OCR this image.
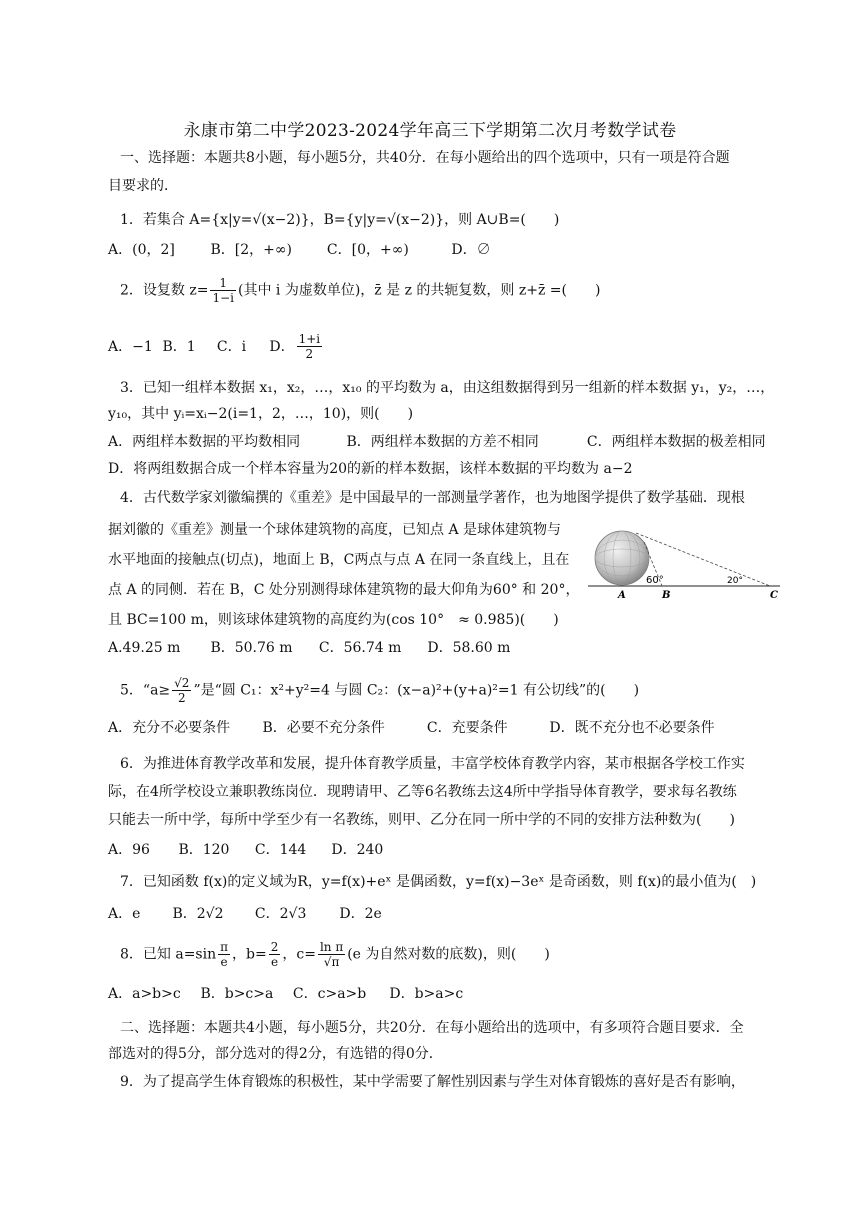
永康市第二中学2023-2024学年高三下学期第二次月考数学试卷
一、选择题：本题共8小题，每小题5分，共40分．在每小题给出的四个选项中，只有一项是符合题
目要求的．
1．若集合 A={x|y=√(x−2)}，B={y|y=√(x−2)}，则 A∪B=(　　)
A．(0，2]	B．[2，+∞) C．[0，+∞)	D．∅
2．设复数 $z= \frac{1}{1-i}$ (其中 i 为虚数单位)，z̄ 是 z 的共轭复数，则 z+z̄ =(　　)
A．−1 B．1 C．i D． $\frac{1+i}{2}$
3．已知一组样本数据 x₁，x₂，…，x₁₀ 的平均数为 a，由这组数据得到另一组新的样本数据 y₁，y₂，…，
y₁₀，其中 yᵢ=xᵢ−2(i=1，2，…，10)，则(　　)
A．两组样本数据的平均数相同	B．两组样本数据的方差不相同	C．两组样本数据的极差相同
D．将两组数据合成一个样本容量为20的新的样本数据，该样本数据的平均数为 a−2
4．古代数学家刘徽编撰的《重差》是中国最早的一部测量学著作，也为地图学提供了数学基础．现根
据刘徽的《重差》测量一个球体建筑物的高度，已知点 A 是球体建筑物与
水平地面的接触点(切点)，地面上 B，C两点与点 A 在同一条直线上，且在
点 A 的同侧．若在 B，C 处分别测得球体建筑物的最大仰角为60° 和 20°，
且 BC=100 m，则该球体建筑物的高度约为(cos 10°　≈ 0.985)(　　)
A.49.25 m B．50.76 m C．56.74 m D．58.60 m
60°	20°
A	B	C
5．“$a\ge \frac{√2}{2}$ ”是“圆 C₁：x²+y²=4 与圆 C₂：(x−a)²+(y+a)²=1 有公切线”的(　　)
A．充分不必要条件 B．必要不充分条件	C．充要条件	D．既不充分也不必要条件
6．为推进体育教学改革和发展，提升体育教学质量，丰富学校体育教学内容，某市根据各学校工作实
际，在4所学校设立兼职教练岗位．现聘请甲、乙等6名教练去这4所中学指导体育教学，要求每名教练
只能去一所中学，每所中学至少有一名教练，则甲、乙分在同一所中学的不同的安排方法种数为(　　)
A．96 B．120 C．144 D．240
7．已知函数 f(x)的定义域为R，y=f(x)+eˣ 是偶函数，y=f(x)−3eˣ 是奇函数，则 f(x)的最小值为(　)
A．e B．2√2 C．2√3 D．2e
8．已知 $a=\sin \frac{\pi}{e}$ ，$b= \frac{2}{e}$ ，$c= \frac{\text{ln π}}{√\pi} (e$ 为自然对数的底数)，则(　　)
A．a>b>c B．b>c>a C．c>a>b D．b>a>c
二、选择题：本题共4小题，每小题5分，共20分．在每小题给出的选项中，有多项符合题目要求．全
部选对的得5分，部分选对的得2分，有选错的得0分．
9．为了提高学生体育锻炼的积极性，某中学需要了解性别因素与学生对体育锻炼的喜好是否有影响，
